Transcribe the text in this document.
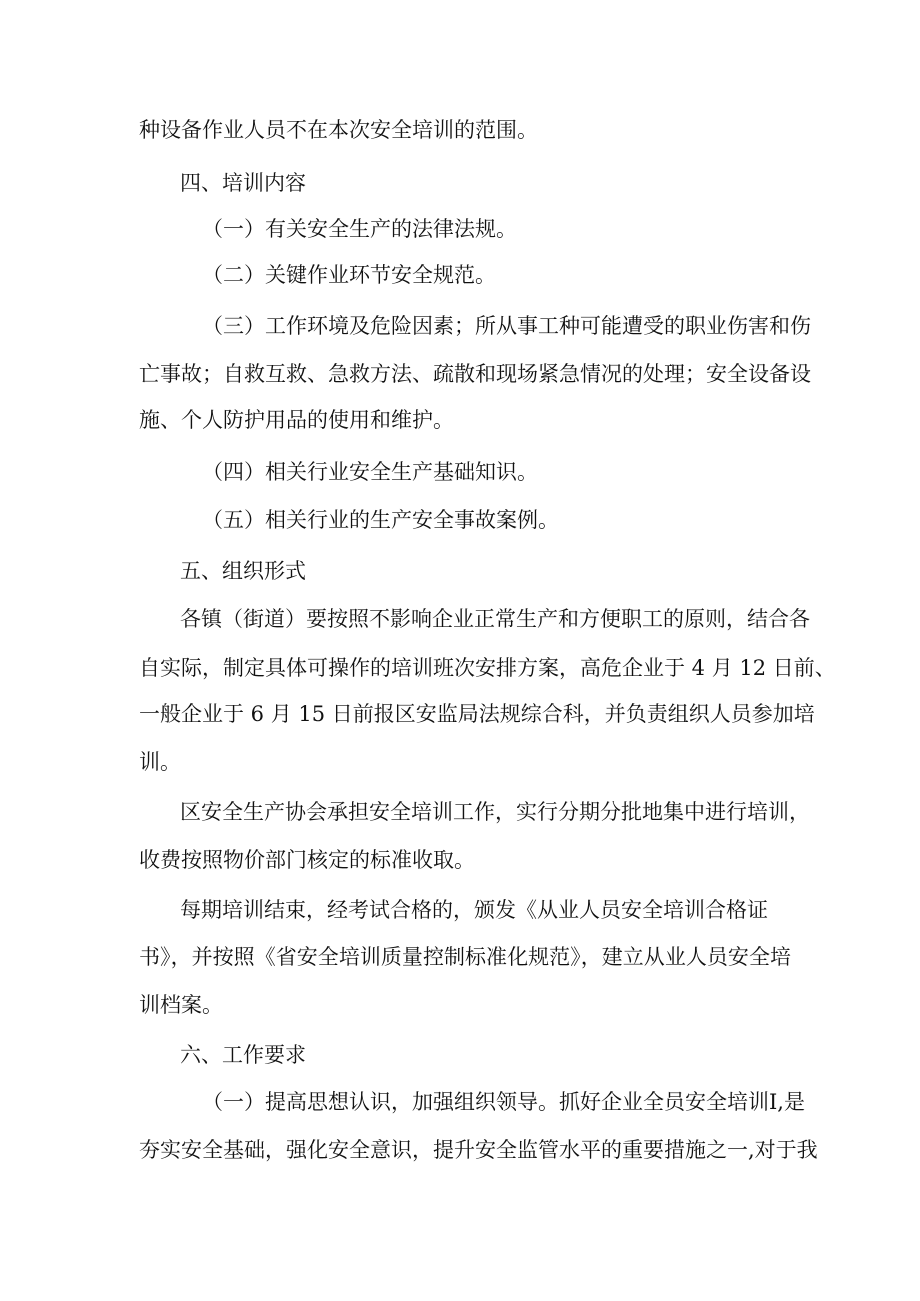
种设备作业人员不在本次安全培训的范围。
四、培训内容
（一）有关安全生产的法律法规。
（二）关键作业环节安全规范。
（三）工作环境及危险因素；所从事工种可能遭受的职业伤害和伤
亡事故；自救互救、急救方法、疏散和现场紧急情况的处理；安全设备设
施、个人防护用品的使用和维护。
（四）相关行业安全生产基础知识。
（五）相关行业的生产安全事故案例。
五、组织形式
各镇（街道）要按照不影响企业正常生产和方便职工的原则，结合各
自实际，制定具体可操作的培训班次安排方案，高危企业于 4 月 12 日前、
一般企业于 6 月 15 日前报区安监局法规综合科，并负责组织人员参加培
训。
区安全生产协会承担安全培训工作，实行分期分批地集中进行培训，
收费按照物价部门核定的标准收取。
每期培训结束，经考试合格的，颁发《从业人员安全培训合格证
书》，并按照《省安全培训质量控制标准化规范》，建立从业人员安全培
训档案。
六、工作要求
（一）提高思想认识，加强组织领导。抓好企业全员安全培训Ⅰ,是
夯实安全基础，强化安全意识，提升安全监管水平的重要措施之一,对于我
